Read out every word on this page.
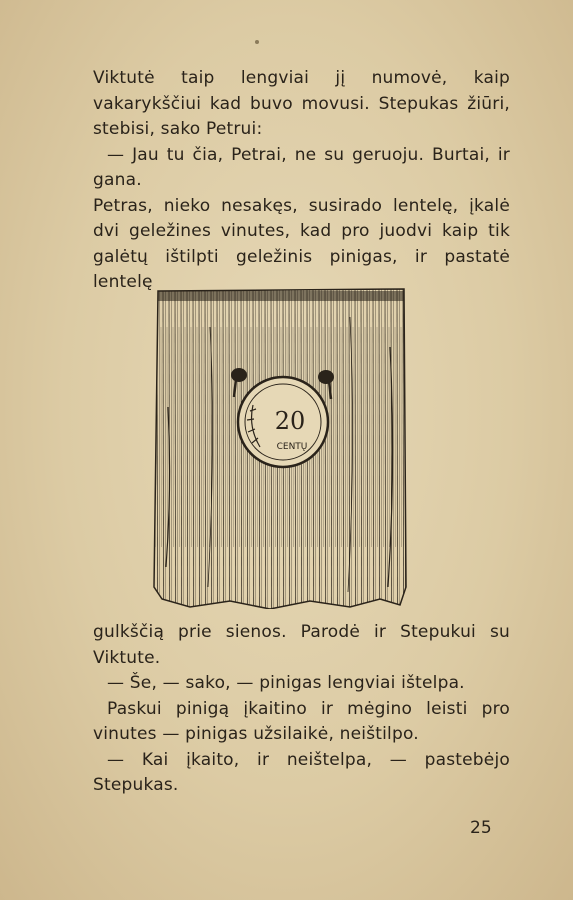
Viktutė taip lengviai jį numovė, kaip vakarykščiui kad buvo movusi. Stepukas žiūri, stebisi, sako Petrui:

— Jau tu čia, Petrai, ne su geruoju. Burtai, ir gana.

Petras, nieko nesakęs, susirado lentelę, įkalė dvi geležines vinutes, kad pro juodvi kaip tik galėtų ištilpti geležinis pinigas, ir pastatė lentelę

20
CENTŲ

gulkščią prie sienos. Parodė ir Stepukui su Viktute.

— Še, — sako, — pinigas lengviai ištelpa.

Paskui pinigą įkaitino ir mėgino leisti pro vinutes — pinigas užsilaikė, neištilpo.

— Kai įkaito, ir neištelpa, — pastebėjo Stepukas.

25
